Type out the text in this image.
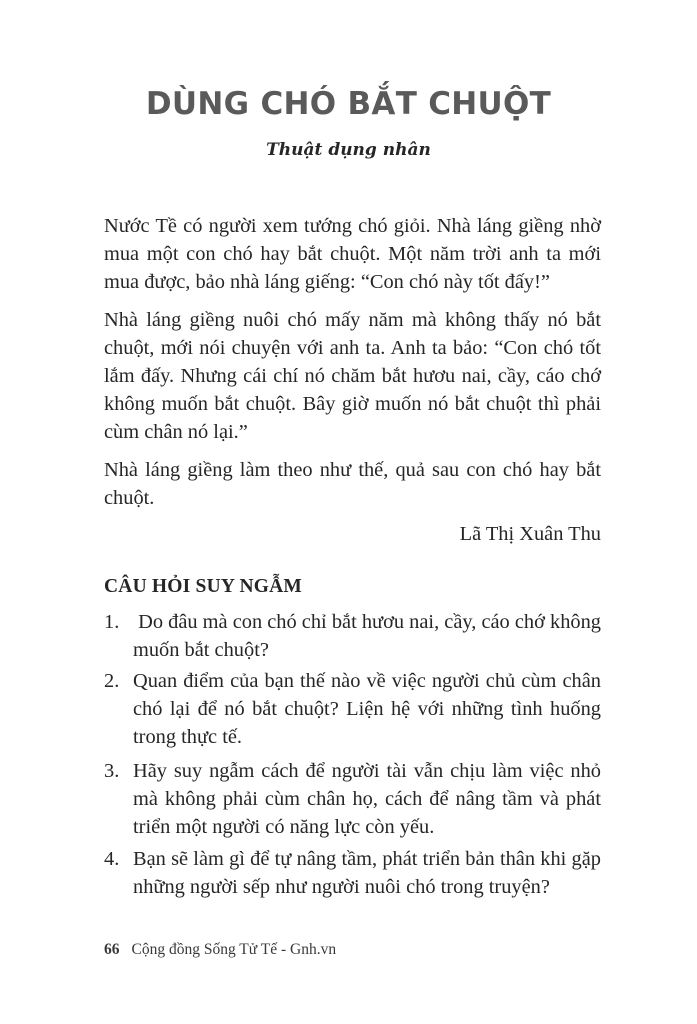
DÙNG CHÓ BẮT CHUỘT
Thuật dụng nhân

Nước Tề có người xem tướng chó giỏi. Nhà láng giềng nhờ mua một con chó hay bắt chuột. Một năm trời anh ta mới mua được, bảo nhà láng giếng: “Con chó này tốt đấy!”

Nhà láng giềng nuôi chó mấy năm mà không thấy nó bắt chuột, mới nói chuyện với anh ta. Anh ta bảo: “Con chó tốt lắm đấy. Nhưng cái chí nó chăm bắt hươu nai, cầy, cáo chớ không muốn bắt chuột. Bây giờ muốn nó bắt chuột thì phải cùm chân nó lại.”

Nhà láng giềng làm theo như thế, quả sau con chó hay bắt chuột.

Lã Thị Xuân Thu
CÂU HỎI SUY NGẪM
1. Do đâu mà con chó chỉ bắt hươu nai, cầy, cáo chớ không muốn bắt chuột?
2. Quan điểm của bạn thế nào về việc người chủ cùm chân chó lại để nó bắt chuột? Liện hệ với những tình huống trong thực tế.
3. Hãy suy ngẫm cách để người tài vẫn chịu làm việc nhỏ mà không phải cùm chân họ, cách để nâng tầm và phát triển một người có năng lực còn yếu.
4. Bạn sẽ làm gì để tự nâng tầm, phát triển bản thân khi gặp những người sếp như người nuôi chó trong truyện?
66 Cộng đồng Sống Tử Tế - Gnh.vn
